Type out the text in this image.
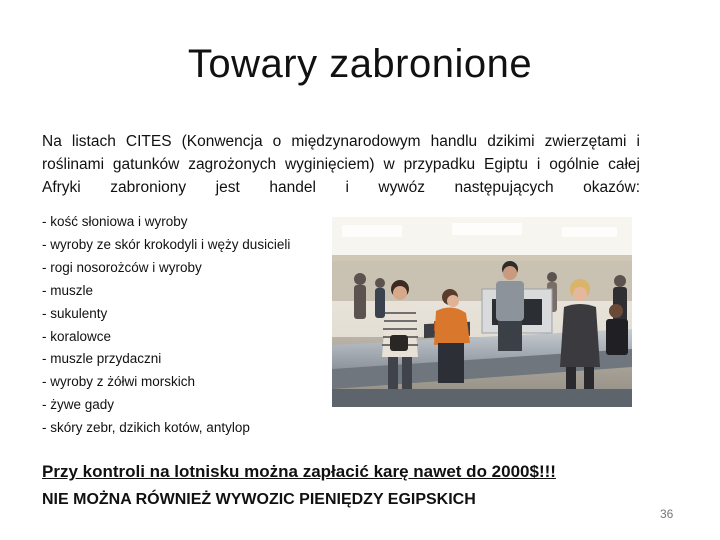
Towary zabronione

Na listach CITES (Konwencja o międzynarodowym handlu dzikimi zwierzętami i roślinami gatunków zagrożonych wyginięciem) w przypadku Egiptu i ogólnie całej Afryki zabroniony jest handel i wywóz następujących okazów:

- kość słoniowa i wyroby
- wyroby ze skór krokodyli i węży dusicieli
- rogi nosorożców i wyroby
- muszle
- sukulenty
- koralowce
- muszle przydaczni
- wyroby z żółwi morskich
- żywe gady
- skóry zebr, dzikich kotów, antylop

Przy kontroli na lotnisku można zapłacić karę nawet do 2000$!!!

NIE MOŻNA RÓWNIEŻ WYWOZIC PIENIĘDZY EGIPSKICH

36
